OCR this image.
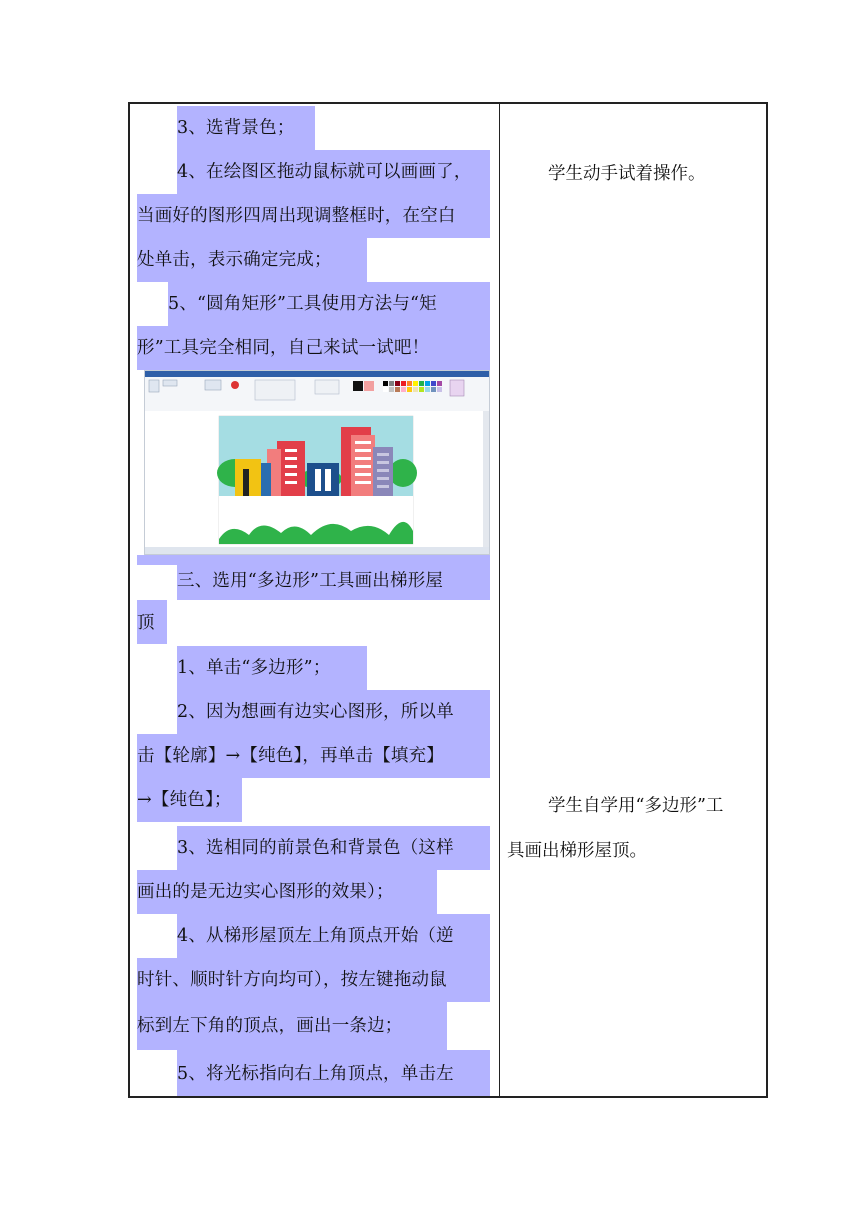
3、选背景色；
4、在绘图区拖动鼠标就可以画画了，
当画好的图形四周出现调整框时，在空白
处单击，表示确定完成；
5、“圆角矩形”工具使用方法与“矩
形”工具完全相同，自己来试一试吧！
三、选用“多边形”工具画出梯形屋
顶
1、单击“多边形”；
2、因为想画有边实心图形，所以单
击【轮廓】→【纯色】，再单击【填充】
→【纯色】；
3、选相同的前景色和背景色（这样
画出的是无边实心图形的效果）；
4、从梯形屋顶左上角顶点开始（逆
时针、顺时针方向均可），按左键拖动鼠
标到左下角的顶点，画出一条边；
5、将光标指向右上角顶点，单击左
学生动手试着操作。
学生自学用“多边形”工
具画出梯形屋顶。
